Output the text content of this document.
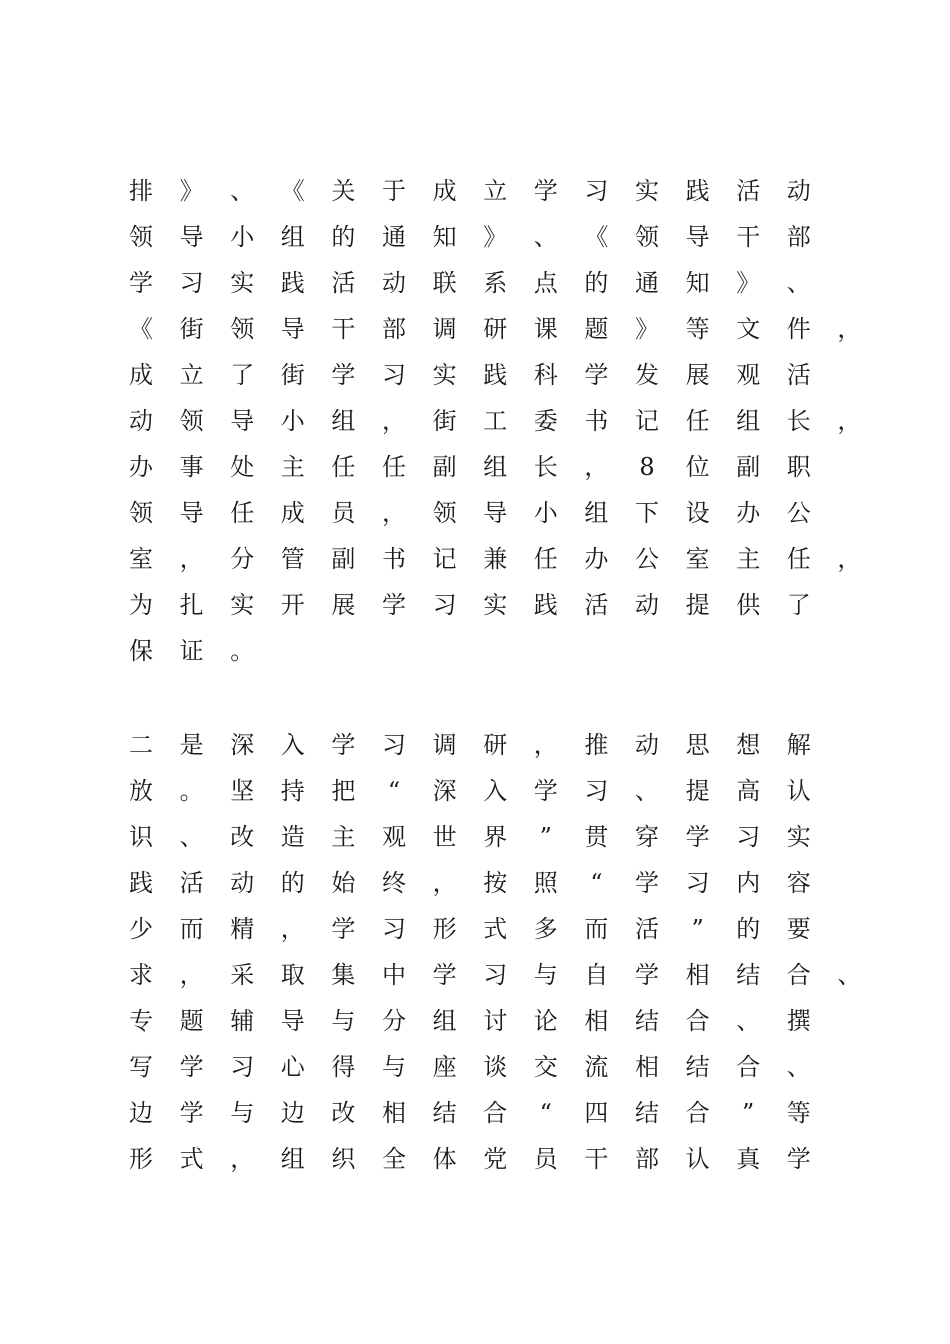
排 》 、 《 关 于 成 立 学 习 实 践 活 动
领 导 小 组 的 通 知 》 、 《 领 导 干 部
学 习 实 践 活 动 联 系 点 的 通 知 》 、
《 街 领 导 干 部 调 研 课 题 》 等 文 件 ，
成 立 了 街 学 习 实 践 科 学 发 展 观 活
动 领 导 小 组 ， 街 工 委 书 记 任 组 长 ，
办 事 处 主 任 任 副 组 长 ，	8	位 副 职
领 导 任 成 员 ， 领 导 小 组 下 设 办 公
室 ， 分 管 副 书 记 兼 任 办 公 室 主 任 ，
为 扎 实 开 展 学 习 实 践 活 动 提 供 了
保 证 。
二 是 深 入 学 习 调 研 ， 推 动 思 想 解
放 。 坚 持 把	“	深 入 学 习 、 提 高 认
识 、 改 造 主 观 世 界	”	贯 穿 学 习 实
践 活 动 的 始 终 ， 按 照	“	学 习 内 容
少 而 精 ， 学 习 形 式 多 而 活	”	的 要
求 ， 采 取 集 中 学 习 与 自 学 相 结 合 、
专 题 辅 导 与 分 组 讨 论 相 结 合 、 撰
写 学 习 心 得 与 座 谈 交 流 相 结 合 、
边 学 与 边 改 相 结 合	“	四 结 合	”	等
形 式 ， 组 织 全 体 党 员 干 部 认 真 学
